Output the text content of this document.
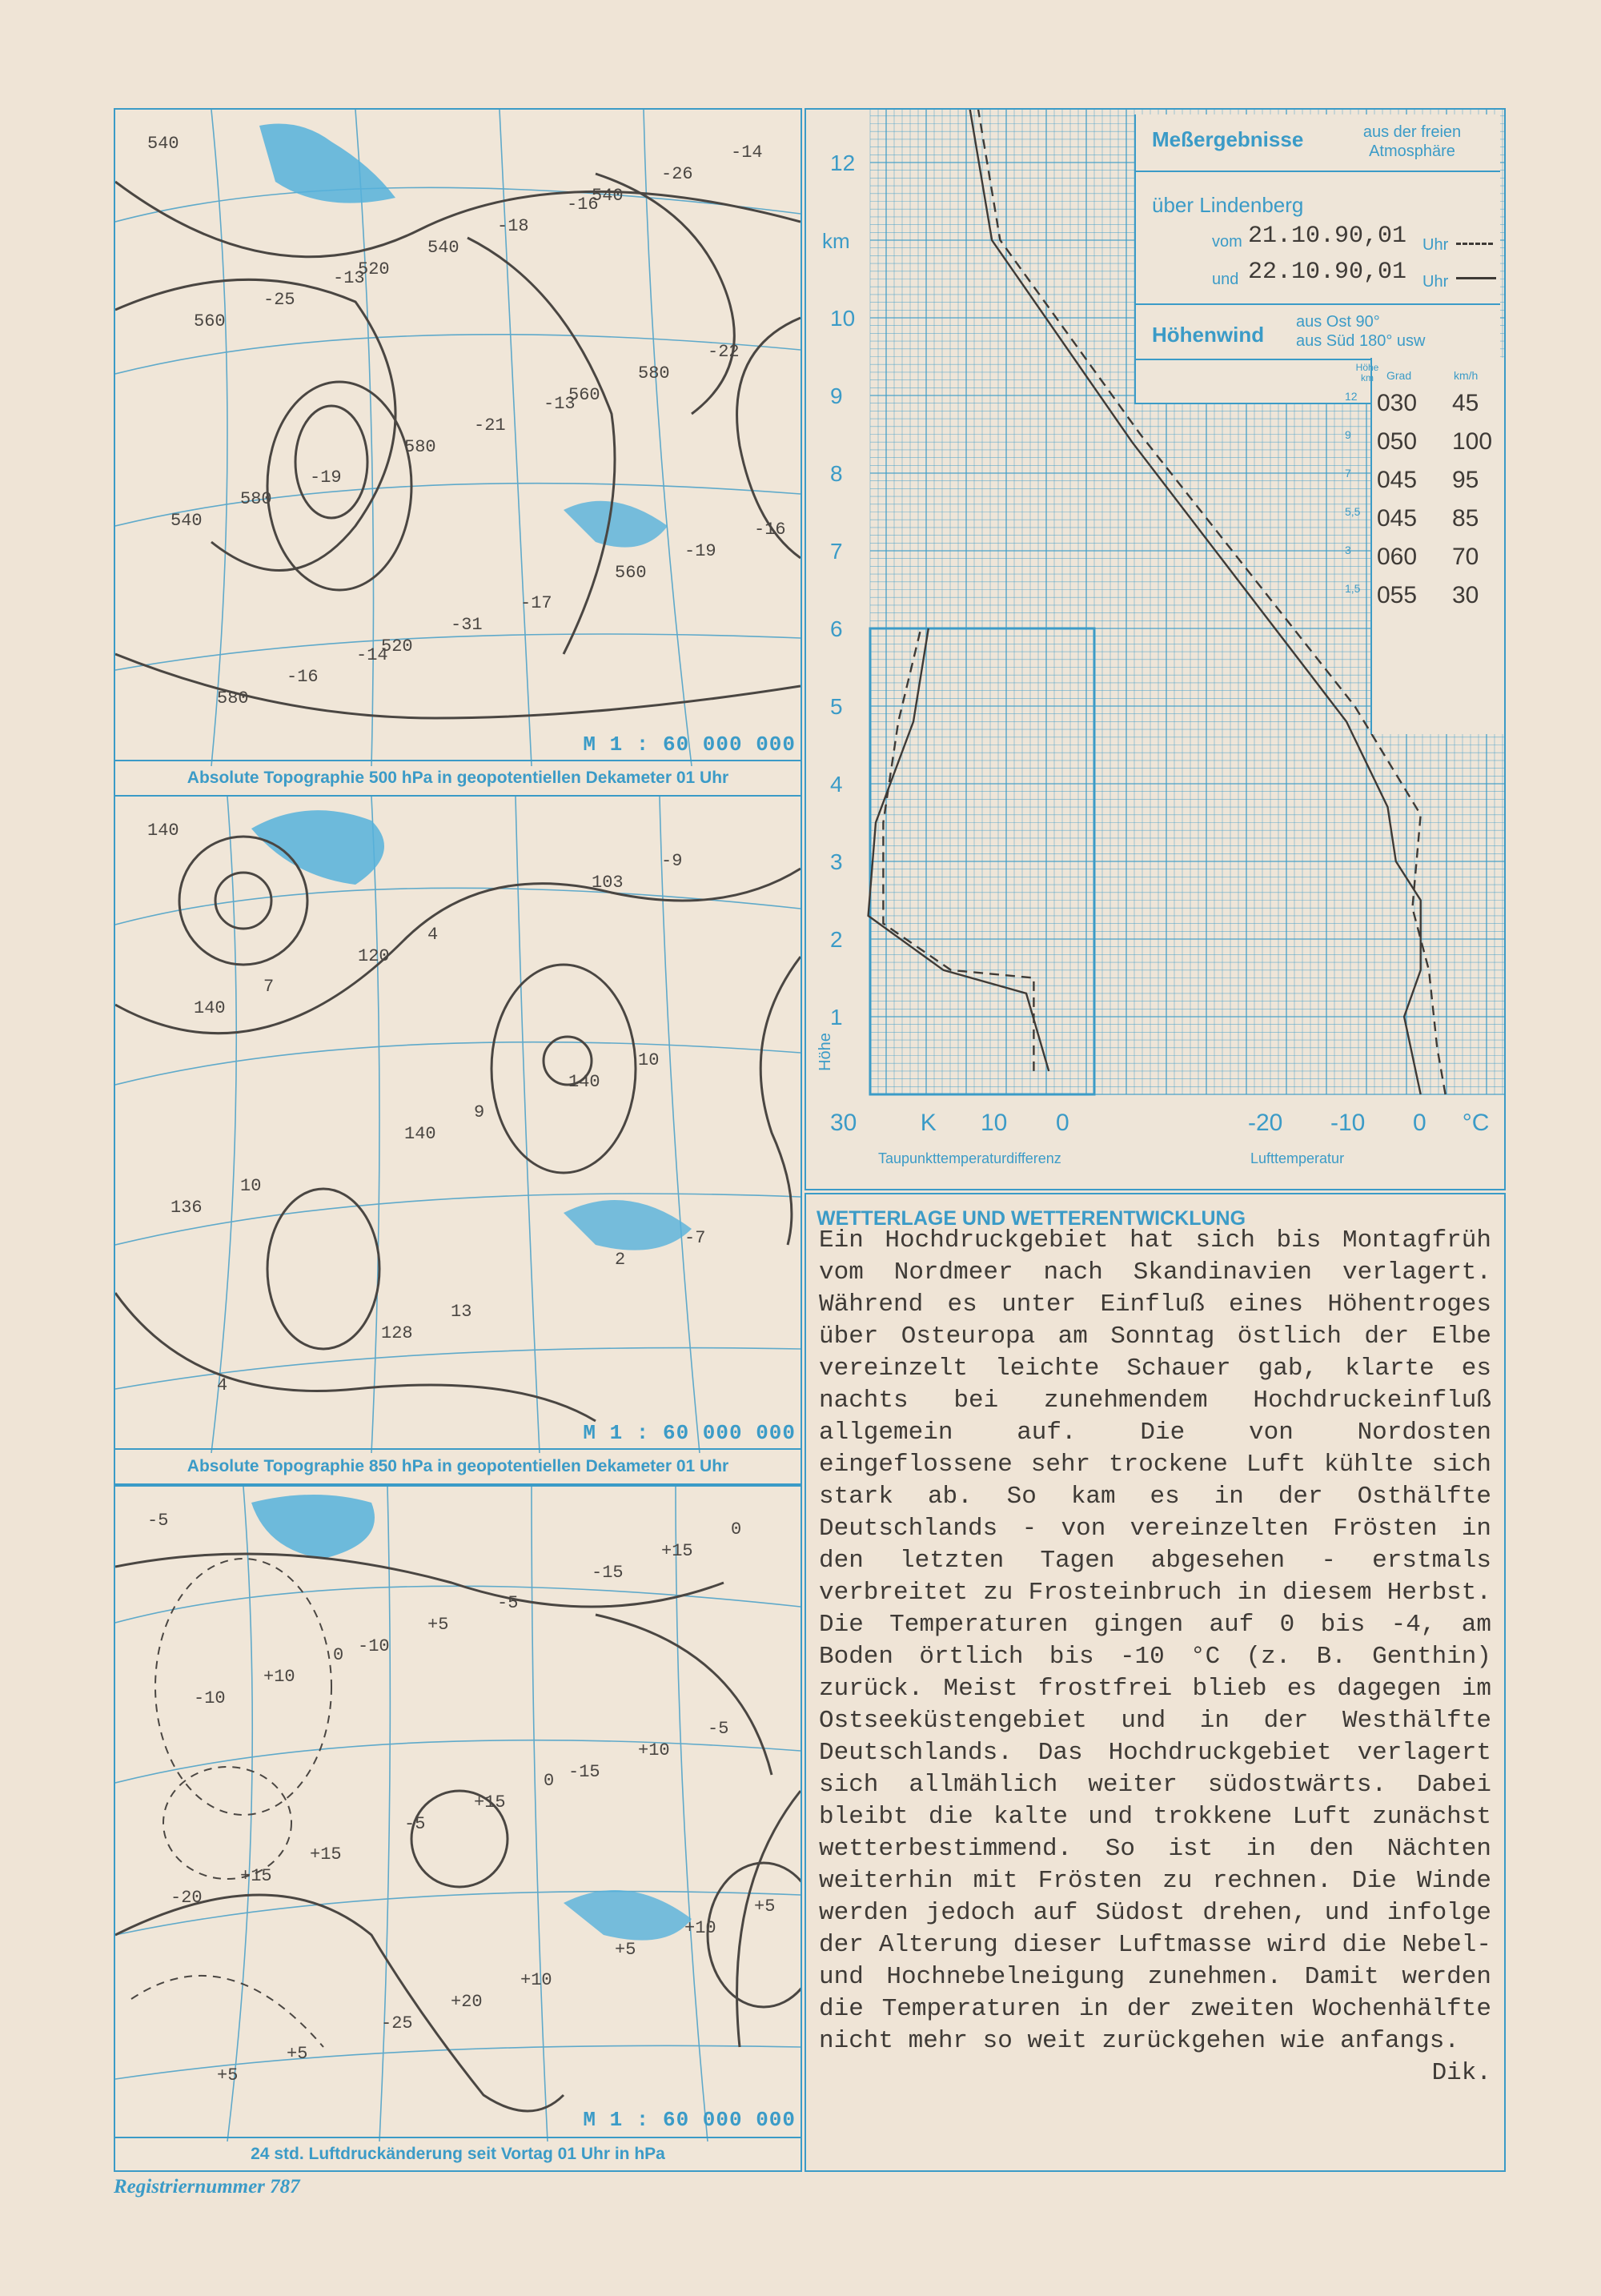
M 1 : 60 000 000
Absolute Topographie 500 hPa in geopotentiellen Dekameter 01 Uhr
540
520
560
540
520
540
560
580
560
580
540
580
580
-31
-26
-25
-21
-19
-16
-18
-22
-19
-17
-14
-13
-13
-16
-14
-16
M 1 : 60 000 000
Absolute Topographie 850 hPa in geopotentiellen Dekameter 01 Uhr
140
120
140
136
128
103
140
140
2
4
4
10
10
13
-9
7
9
-7
M 1 : 60 000 000
24 std. Luftdruckänderung seit Vortag 01 Uhr in hPa
-5
-10
-15
-20
-25
-15
-10
-5
+5
+5
+5
+10
+15
+20
+15
+10
+15
+10
+5
-5
-5
+15
+10
0
0
0
+5
Registriernummer 787
12
10
9
8
7
6
5
4
3
2
1
km
Höhe
30	K 10 0	-20 -10 0 °C
Meßergebnisse	aus der freien Atmosphäre
über Lindenberg
vom 21.10.90,01 Uhr
und 22.10.90,01 Uhr
Höhenwind
aus Ost 90°
aus Süd 180° usw
Höhe km	Grad	km/h
12 030 45
9 050 100
7 045 95
5,5 045 85
3 060 70
1,5 055 30
Taupunkttemperaturdifferenz	Lufttemperatur
WETTERLAGE UND WETTERENTWICKLUNG

Ein Hochdruckgebiet hat sich bis Montagfrüh vom Nordmeer nach Skandinavien verlagert. Während es unter Einfluß eines Höhentroges über Osteuropa am Sonntag östlich der Elbe vereinzelt leichte Schauer gab, klarte es nachts bei zunehmendem Hochdruckeinfluß allgemein auf. Die von Nordosten eingeflossene sehr trockene Luft kühlte sich stark ab. So kam es in der Osthälfte Deutschlands - von vereinzelten Frösten in den letzten Tagen abgesehen - erstmals verbreitet zu Frosteinbruch in diesem Herbst. Die Temperaturen gingen auf 0 bis -4, am Boden örtlich bis -10 °C (z. B. Genthin) zurück. Meist frostfrei blieb es dagegen im Ostseeküstengebiet und in der Westhälfte Deutschlands. Das Hochdruckgebiet verlagert sich allmählich weiter südostwärts. Dabei bleibt die kalte und trokkene Luft zunächst wetterbestimmend. So ist in den Nächten weiterhin mit Frösten zu rechnen. Die Winde werden jedoch auf Südost drehen, und infolge der Alterung dieser Luftmasse wird die Nebel- und Hochnebelneigung zunehmen. Damit werden die Temperaturen in der zweiten Wochenhälfte nicht mehr so weit zurückgehen wie anfangs.

Dik.
